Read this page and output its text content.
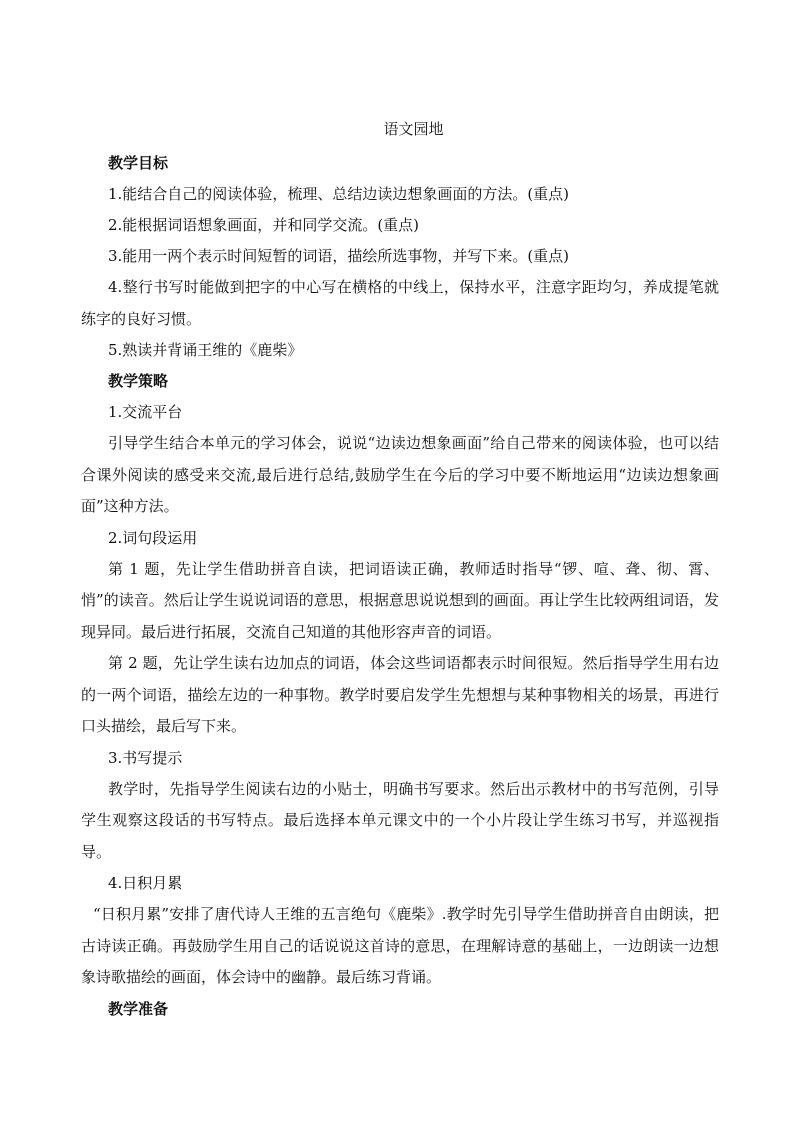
语文园地

教学目标

1.能结合自己的阅读体验，梳理、总结边读边想象画面的方法。(重点)

2.能根据词语想象画面，并和同学交流。(重点)

3.能用一两个表示时间短暂的词语，描绘所选事物，并写下来。(重点)

4.整行书写时能做到把字的中心写在横格的中线上，保持水平，注意字距均匀，养成提笔就练字的良好习惯。

5.熟读并背诵王维的《鹿柴》

教学策略

1.交流平台

引导学生结合本单元的学习体会，说说“边读边想象画面”给自己带来的阅读体验，也可以结合课外阅读的感受来交流,最后进行总结,鼓励学生在今后的学习中要不断地运用“边读边想象画面”这种方法。

2.词句段运用

第 1 题，先让学生借助拼音自读，把词语读正确，教师适时指导“锣、喧、聋、彻、霄、悄”的读音。然后让学生说说词语的意思，根据意思说说想到的画面。再让学生比较两组词语，发现异同。最后进行拓展，交流自己知道的其他形容声音的词语。

第 2 题，先让学生读右边加点的词语，体会这些词语都表示时间很短。然后指导学生用右边的一两个词语，描绘左边的一种事物。教学时要启发学生先想想与某种事物相关的场景，再进行口头描绘，最后写下来。

3.书写提示

教学时，先指导学生阅读右边的小贴士，明确书写要求。然后出示教材中的书写范例，引导学生观察这段话的书写特点。最后选择本单元课文中的一个小片段让学生练习书写，并巡视指导。

4.日积月累

“日积月累”安排了唐代诗人王维的五言绝句《鹿柴》.教学时先引导学生借助拼音自由朗读，把古诗读正确。再鼓励学生用自己的话说说这首诗的意思，在理解诗意的基础上，一边朗读一边想象诗歌描绘的画面，体会诗中的幽静。最后练习背诵。

教学准备
